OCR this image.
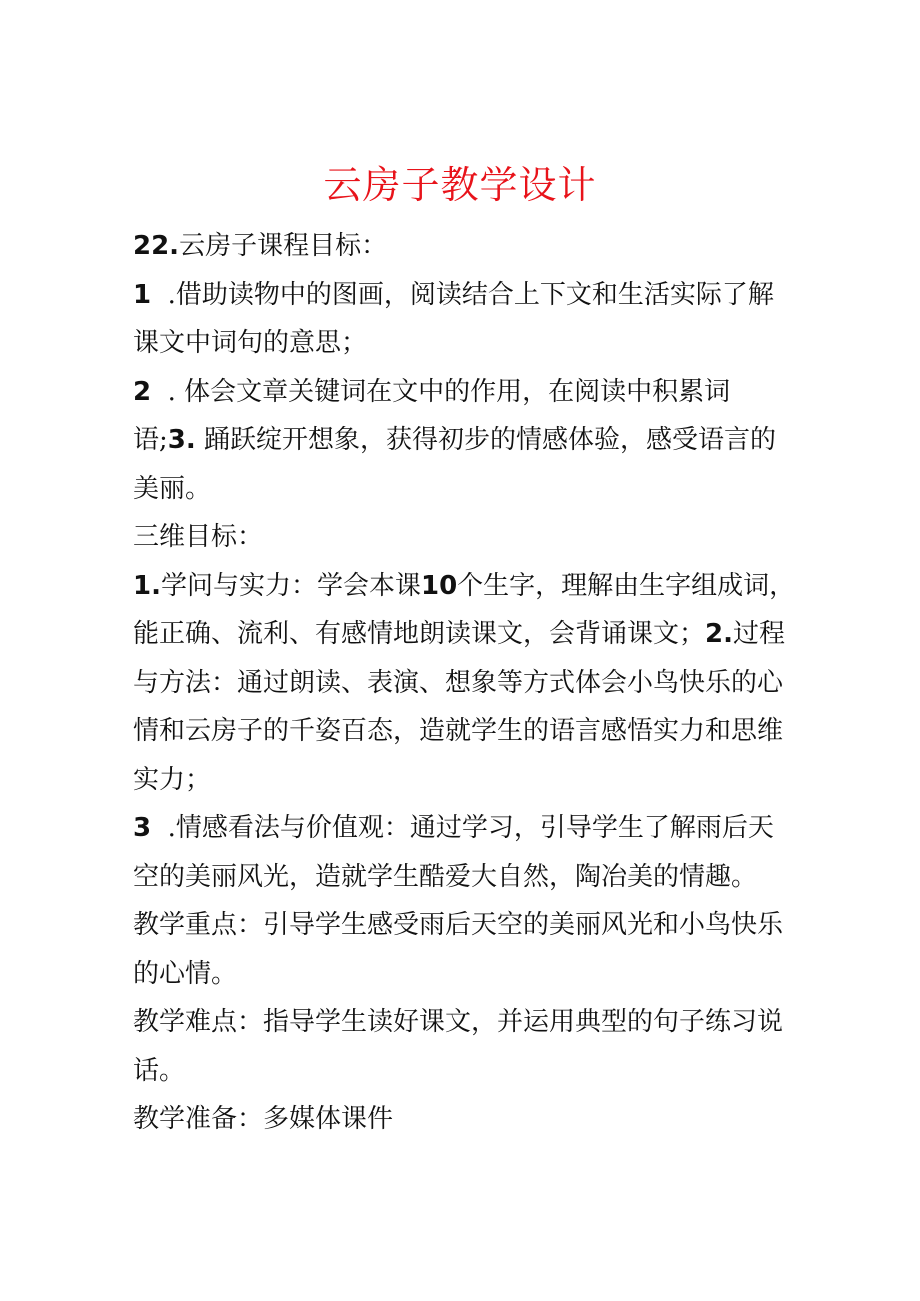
云房子教学设计
22.云房子课程目标：
1  .借助读物中的图画，阅读结合上下文和生活实际了解
课文中词句的意思；
2  . 体会文章关键词在文中的作用，在阅读中积累词
语;3. 踊跃绽开想象，获得初步的情感体验，感受语言的
美丽。
三维目标：
1.学问与实力：学会本课10个生字，理解由生字组成词，
能正确、流利、有感情地朗读课文，会背诵课文；2.过程
与方法：通过朗读、表演、想象等方式体会小鸟快乐的心
情和云房子的千姿百态，造就学生的语言感悟实力和思维
实力；
3  .情感看法与价值观：通过学习，引导学生了解雨后天
空的美丽风光，造就学生酷爱大自然，陶冶美的情趣。
教学重点：引导学生感受雨后天空的美丽风光和小鸟快乐
的心情。
教学难点：指导学生读好课文，并运用典型的句子练习说
话。
教学准备：多媒体课件
